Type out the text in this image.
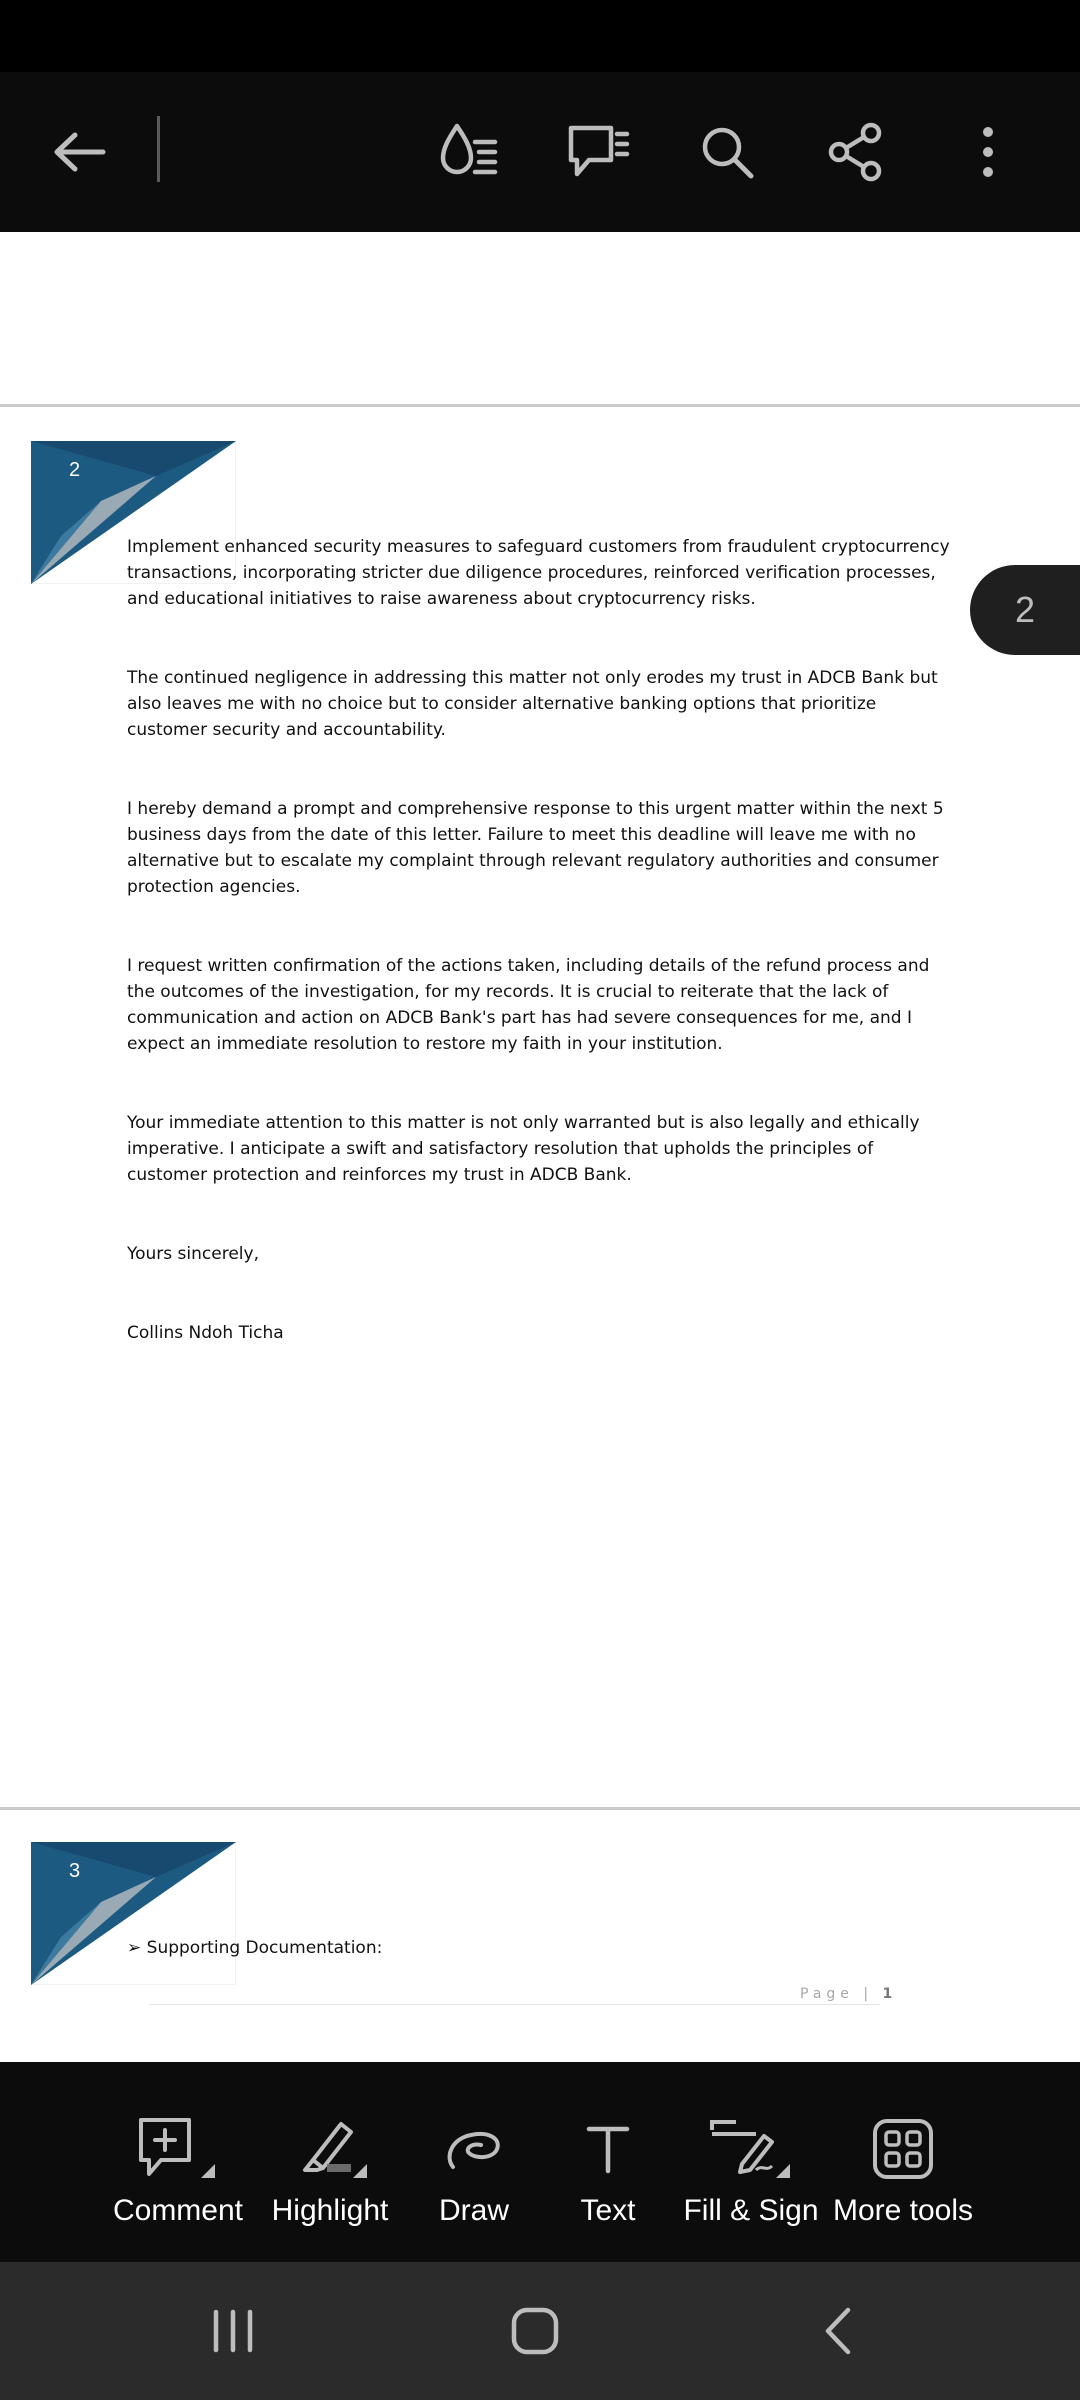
2

Implement enhanced security measures to safeguard customers from fraudulent cryptocurrency transactions, incorporating stricter due diligence procedures, reinforced verification processes, and educational initiatives to raise awareness about cryptocurrency risks.

The continued negligence in addressing this matter not only erodes my trust in ADCB Bank but also leaves me with no choice but to consider alternative banking options that prioritize customer security and accountability.

I hereby demand a prompt and comprehensive response to this urgent matter within the next 5 business days from the date of this letter. Failure to meet this deadline will leave me with no alternative but to escalate my complaint through relevant regulatory authorities and consumer protection agencies.

I request written confirmation of the actions taken, including details of the refund process and the outcomes of the investigation, for my records. It is crucial to reiterate that the lack of communication and action on ADCB Bank's part has had severe consequences for me, and I expect an immediate resolution to restore my faith in your institution.

Your immediate attention to this matter is not only warranted but is also legally and ethically imperative. I anticipate a swift and satisfactory resolution that upholds the principles of customer protection and reinforces my trust in ADCB Bank.

Yours sincerely,

Collins Ndoh Ticha

2
3
➢ Supporting Documentation:
Page | 1
Comment Highlight Draw Text Fill & Sign More tools
